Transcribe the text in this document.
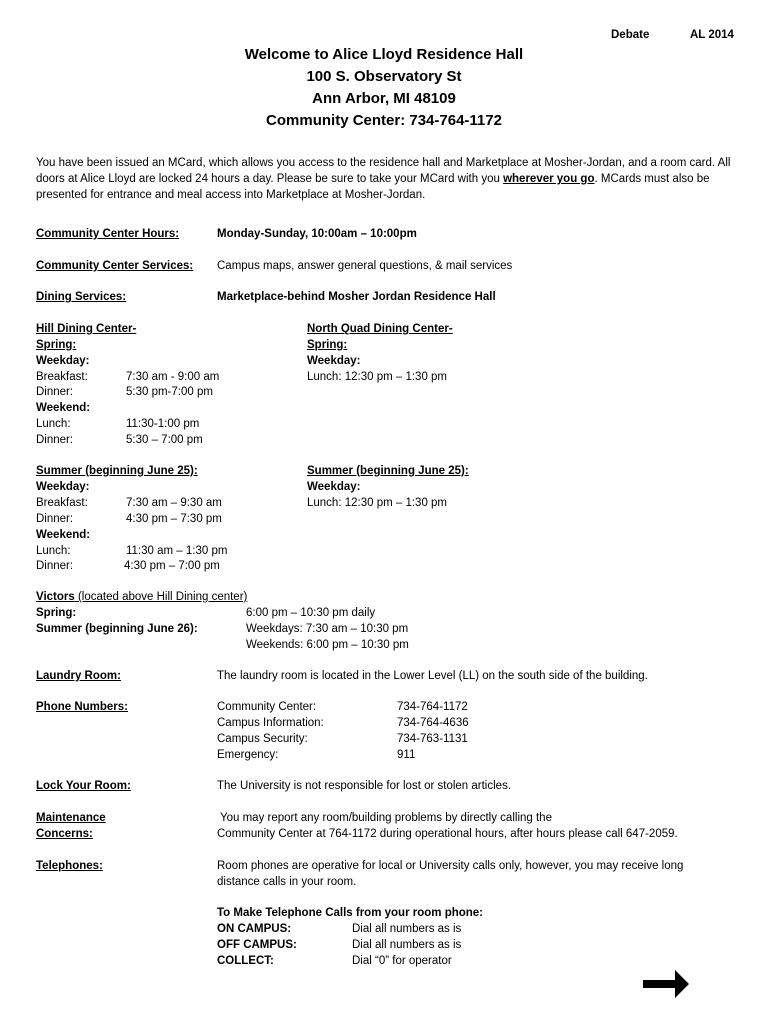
Debate	AL 2014
Welcome to Alice Lloyd Residence Hall
100 S. Observatory St
Ann Arbor, MI 48109
Community Center: 734-764-1172
You have been issued an MCard, which allows you access to the residence hall and Marketplace at Mosher-Jordan, and a room card. All
doors at Alice Lloyd are locked 24 hours a day. Please be sure to take your MCard with you wherever you go. MCards must also be
presented for entrance and meal access into Marketplace at Mosher-Jordan.
Community Center Hours:	Monday-Sunday, 10:00am – 10:00pm
Community Center Services: Campus maps, answer general questions, & mail services
Dining Services:	Marketplace-behind Mosher Jordan Residence Hall
Hill Dining Center-
Spring:
Weekday:
Breakfast:	7:30 am - 9:00 am
Dinner:	5:30 pm-7:00 pm
Weekend:
Lunch:	11:30-1:00 pm
Dinner:	5:30 – 7:00 pm
North Quad Dining Center-
Spring:
Weekday:
Lunch: 12:30 pm – 1:30 pm
Summer (beginning June 25):
Weekday:
Breakfast:	7:30 am – 9:30 am
Dinner:	4:30 pm – 7:30 pm
Weekend:
Lunch:	11:30 am – 1:30 pm
Dinner:	4:30 pm – 7:00 pm
Summer (beginning June 25):
Weekday:
Lunch: 12:30 pm – 1:30 pm
Victors (located above Hill Dining center)
Spring:	6:00 pm – 10:30 pm daily
Summer (beginning June 26):	Weekdays: 7:30 am – 10:30 pm
Weekends: 6:00 pm – 10:30 pm
Laundry Room:	The laundry room is located in the Lower Level (LL) on the south side of the building.
Phone Numbers:	Community Center:	734-764-1172
Campus Information:	734-764-4636
Campus Security:	734-763-1131
Emergency:	911
Lock Your Room:	The University is not responsible for lost or stolen articles.
Maintenance
Concerns:
You may report any room/building problems by directly calling the
Community Center at 764-1172 during operational hours, after hours please call 647-2059.
Telephones:	Room phones are operative for local or University calls only, however, you may receive long
distance calls in your room.
To Make Telephone Calls from your room phone:
ON CAMPUS:	Dial all numbers as is
OFF CAMPUS:	Dial all numbers as is
COLLECT:	Dial “0” for operator
